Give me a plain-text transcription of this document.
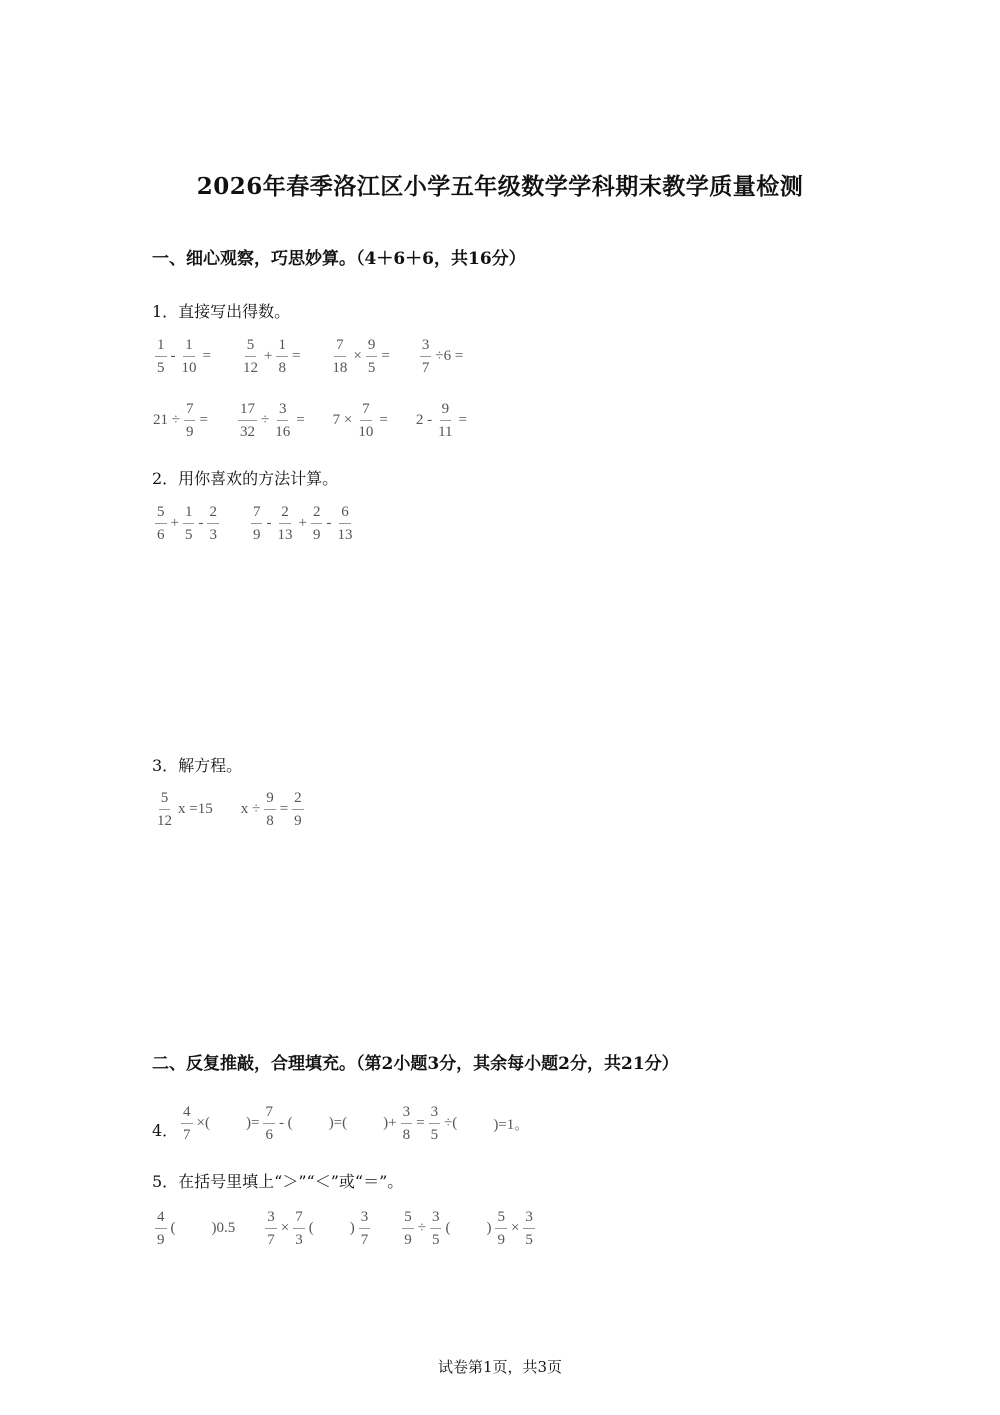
2026年春季洛江区小学五年级数学学科期末教学质量检测
一、细心观察，巧思妙算。（4＋6＋6，共16分）
1．直接写出得数。
$\frac{1}{5} - \frac{1}{10} = \frac{5}{12} + \frac{1}{8} = \frac{7}{18} \times \frac{9}{5} = \frac{3}{7} \div 6$ =
$21 \div \frac{7}{9} = \frac{17}{32} \div \frac{3}{16} = 7 \times \frac{7}{10} = 2 - \frac{9}{11}$ =
2．用你喜欢的方法计算。
$\frac{5}{6} + \frac{1}{5} - \frac{2}{3} \frac{7}{9} - \frac{2}{13} + \frac{2}{9} - \frac{6}{13}$
3．解方程。
$\frac{5}{12}$ x =15 $x \div \frac{9}{8} = \frac{2}{9}$
二、反复推敲，合理填充。（第2小题3分，其余每小题2分，共21分）
4． $\frac{4}{7}$ ×( )= $\frac{7}{6}$ - ( )=( )+ $\frac{3}{8} = \frac{3}{5}$ ÷( )=1。
5．在括号里填上“＞”“＜”或“＝”。
$\frac{4}{9}$ ( )$0.5 \frac{3}{7} \times \frac{7}{3}$ ( ) $\frac{3}{7} \frac{5}{9} \div \frac{3}{5}$ ( ) $\frac{5}{9} \times \frac{3}{5}$
试卷第1页，共3页
